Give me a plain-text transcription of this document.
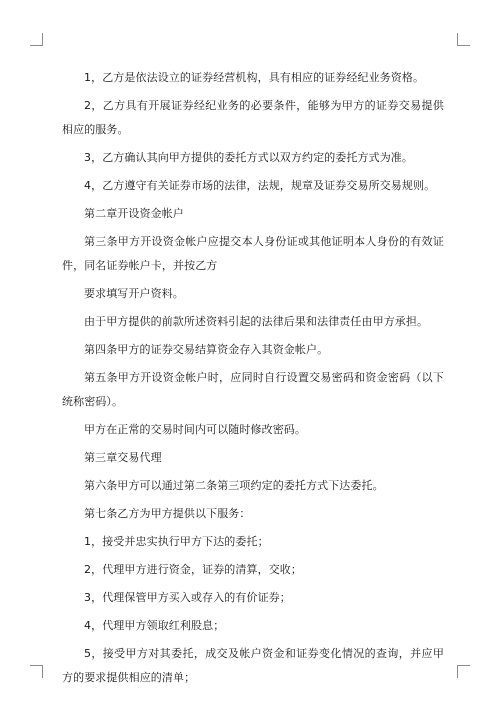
1，乙方是依法设立的证券经营机构，具有相应的证券经纪业务资格。

2，乙方具有开展证券经纪业务的必要条件，能够为甲方的证券交易提供相应的服务。

3，乙方确认其向甲方提供的委托方式以双方约定的委托方式为准。

4，乙方遵守有关证券市场的法律，法规，规章及证券交易所交易规则。

第二章开设资金帐户

第三条甲方开设资金帐户应提交本人身份证或其他证明本人身份的有效证件，同名证券帐户卡，并按乙方

要求填写开户资料。

由于甲方提供的前款所述资料引起的法律后果和法律责任由甲方承担。

第四条甲方的证券交易结算资金存入其资金帐户。

第五条甲方开设资金帐户时，应同时自行设置交易密码和资金密码（以下统称密码）。

甲方在正常的交易时间内可以随时修改密码。

第三章交易代理

第六条甲方可以通过第二条第三项约定的委托方式下达委托。

第七条乙方为甲方提供以下服务：

1，接受并忠实执行甲方下达的委托；

2，代理甲方进行资金，证券的清算，交收；

3，代理保管甲方买入或存入的有价证券；

4，代理甲方领取红利股息；

5，接受甲方对其委托，成交及帐户资金和证券变化情况的查询，并应甲方的要求提供相应的清单；
